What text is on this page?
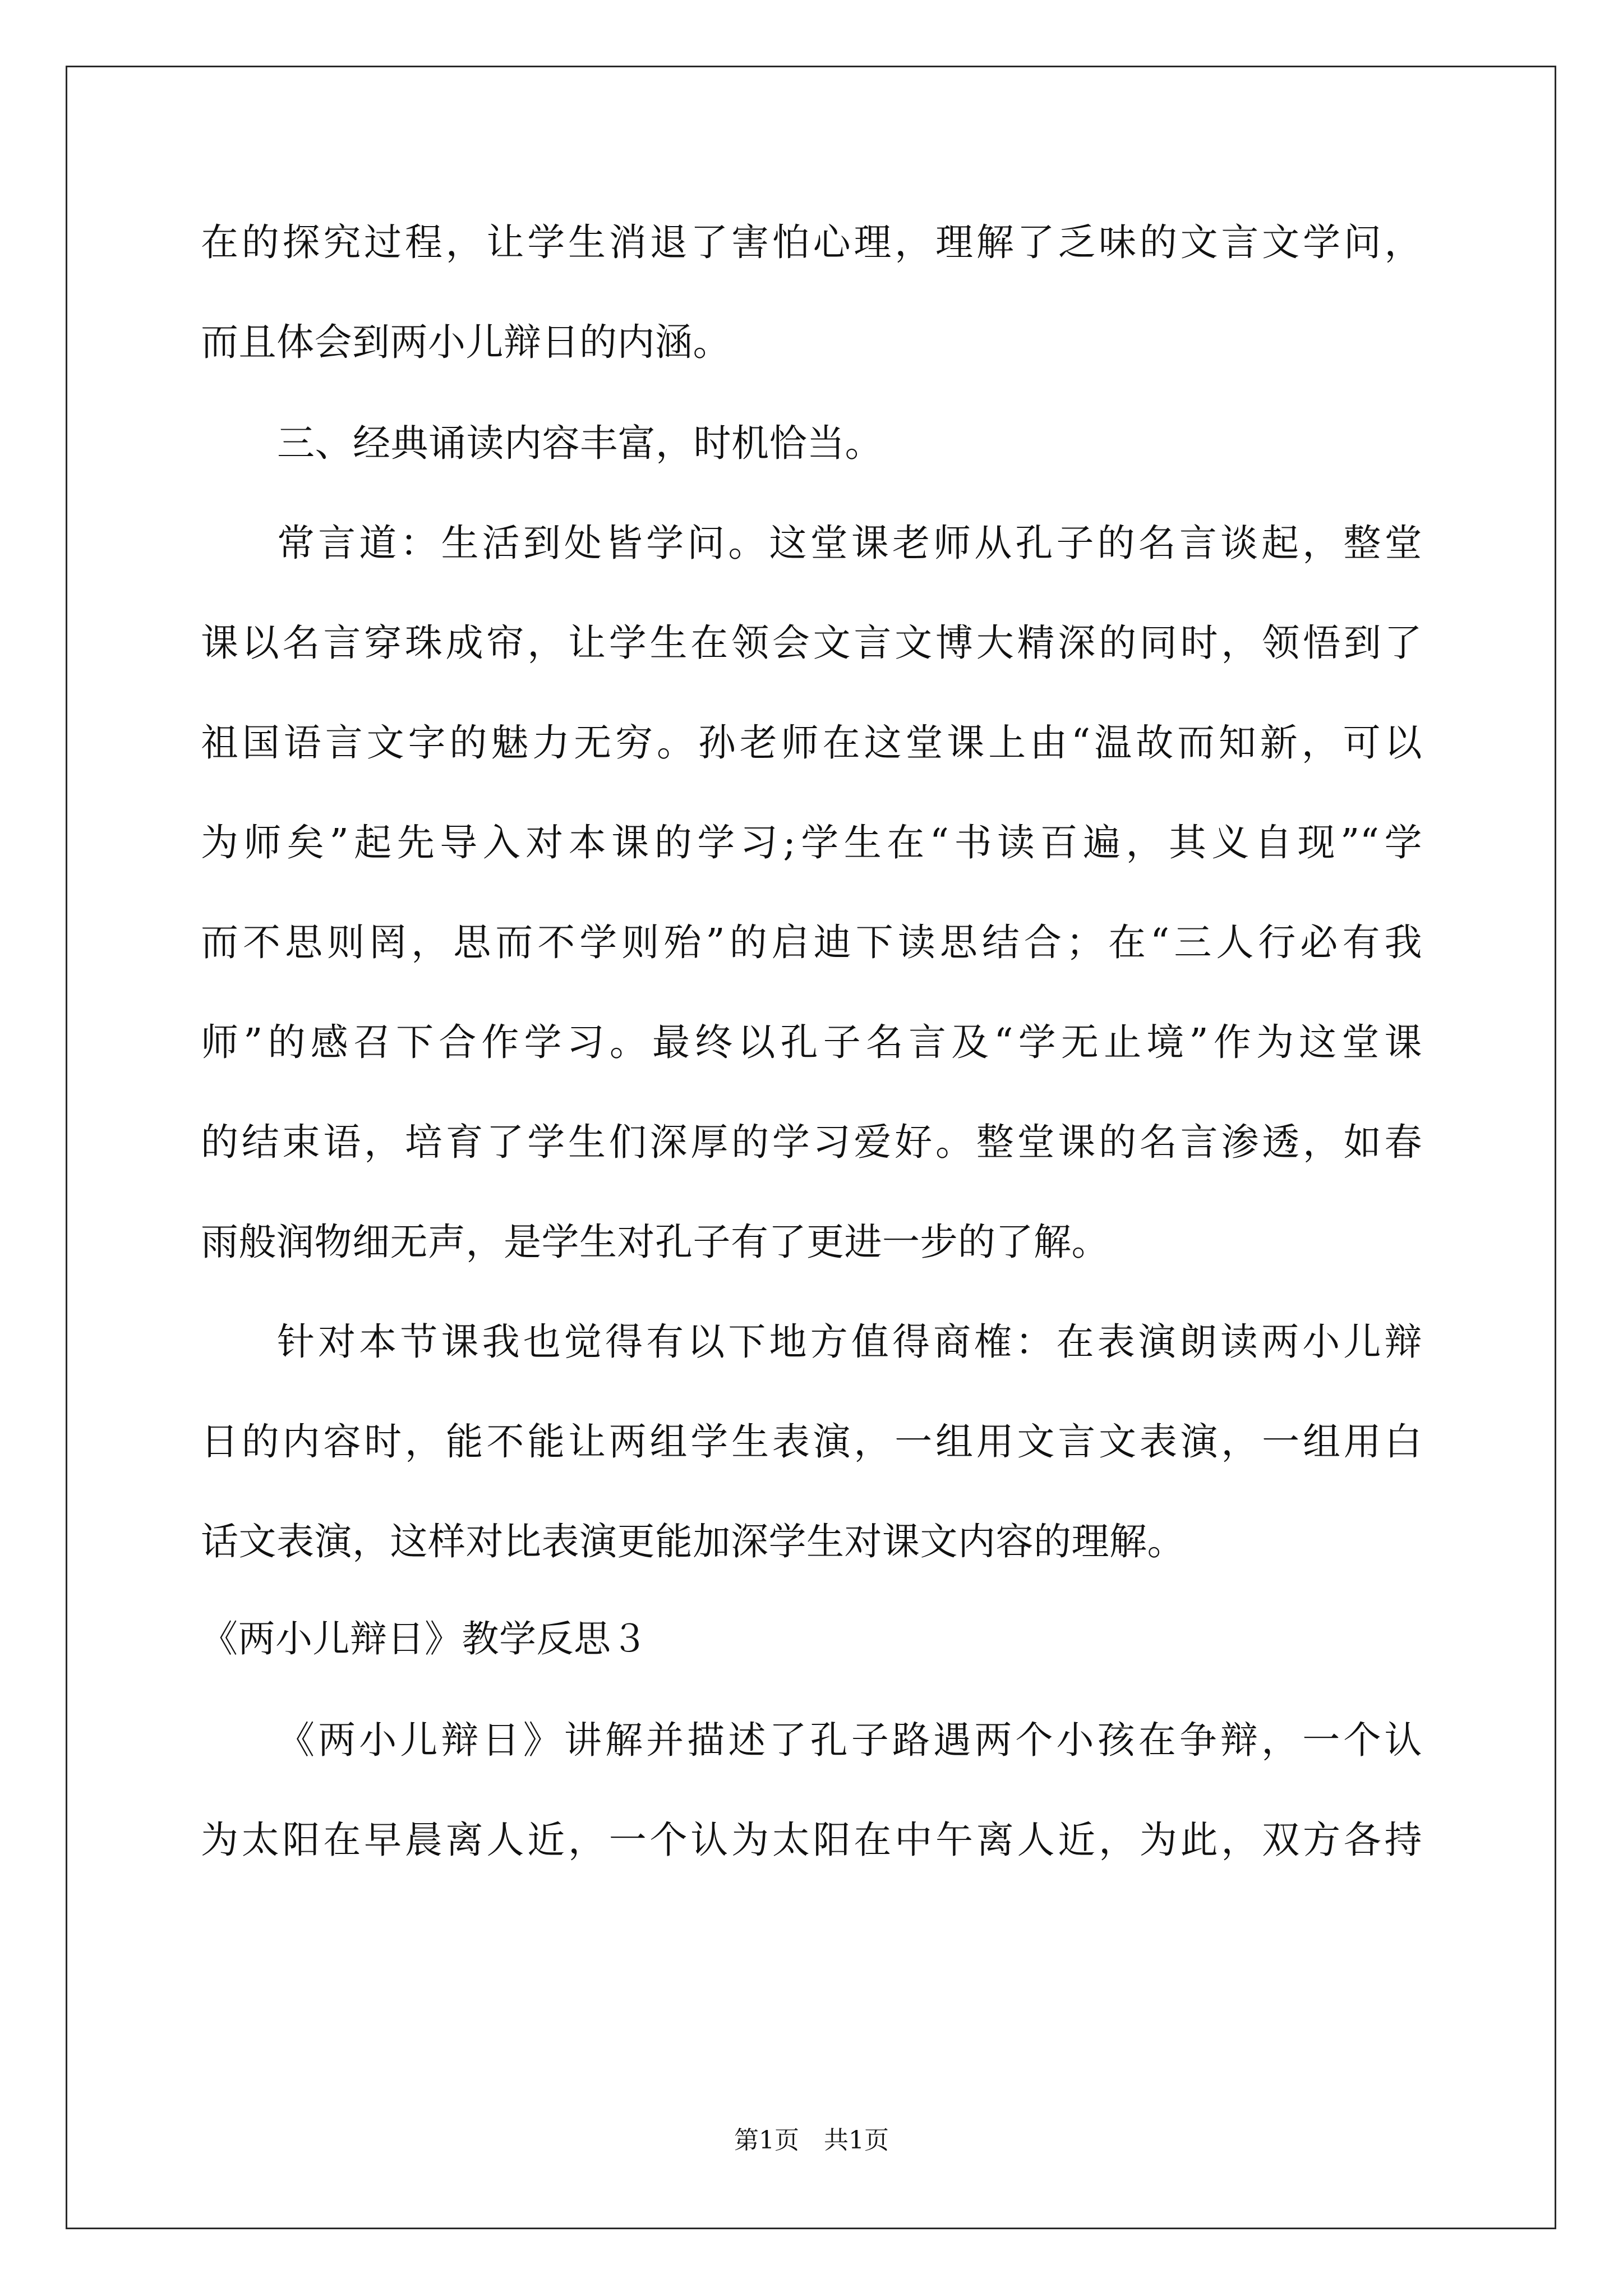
在的探究过程，让学生消退了害怕心理，理解了乏味的文言文学问，
而且体会到两小儿辩日的内涵。
三、经典诵读内容丰富，时机恰当。
常言道：生活到处皆学问。这堂课老师从孔子的名言谈起，整堂
课以名言穿珠成帘，让学生在领会文言文博大精深的同时，领悟到了
祖国语言文字的魅力无穷。孙老师在这堂课上由“温故而知新，可以
为师矣”起先导入对本课的学习;学生在“书读百遍，其义自现”“学
而不思则罔，思而不学则殆”的启迪下读思结合；在“三人行必有我
师”的感召下合作学习。最终以孔子名言及“学无止境”作为这堂课
的结束语，培育了学生们深厚的学习爱好。整堂课的名言渗透，如春
雨般润物细无声，是学生对孔子有了更进一步的了解。
针对本节课我也觉得有以下地方值得商榷：在表演朗读两小儿辩
日的内容时，能不能让两组学生表演，一组用文言文表演，一组用白
话文表演，这样对比表演更能加深学生对课文内容的理解。
《两小儿辩日》教学反思３
《两小儿辩日》讲解并描述了孔子路遇两个小孩在争辩，一个认
为太阳在早晨离人近，一个认为太阳在中午离人近，为此，双方各持
第1页　共1页
